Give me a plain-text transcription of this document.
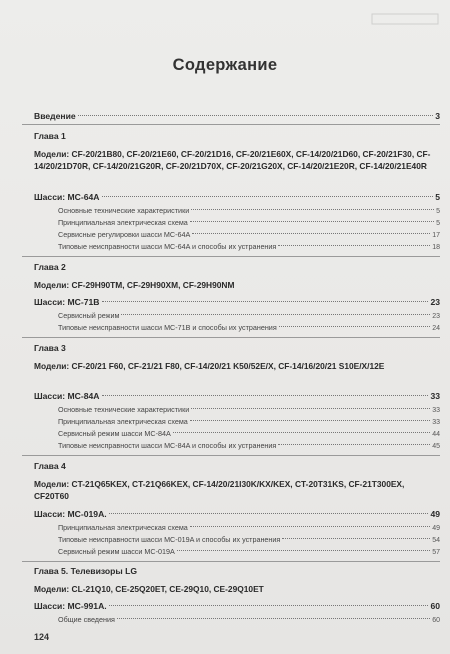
Содержание
Введение	3
Глава 1
Модели: CF-20/21B80, CF-20/21E60, CF-20/21D16, CF-20/21E60X, CF-14/20/21D60, CF-20/21F30, CF-14/20/21D70R, CF-14/20/21G20R, CF-20/21D70X, CF-20/21G20X, CF-14/20/21E20R, CF-14/20/21E40R
Шасси: MC-64A	5
Основные технические характеристики	5
Принципиальная электрическая схема	5
Сервисные регулировки шасси MC-64A	17
Типовые неисправности шасси MC-64A и способы их устранения	18
Глава 2
Модели: CF-29H90TM, CF-29H90XM, CF-29H90NM
Шасси: MC-71B	23
Сервисный режим	23
Типовые неисправности шасси MC-71B и способы их устранения	24
Глава 3
Модели: CF-20/21 F60, CF-21/21 F80, CF-14/20/21 K50/52E/X, CF-14/16/20/21 S10E/X/12E
Шасси: MC-84A	33
Основные технические характеристики	33
Принципиальная электрическая схема	33
Сервисный режим шасси MC-84A	44
Типовые неисправности шасси MC-84A и способы их устранения	45
Глава 4
Модели: CT-21Q65KEX, CT-21Q66KEX, CF-14/20/21I30K/KX/KEX, CT-20T31KS, CF-21T300EX, CF20T60
Шасси: MC-019A.	49
Принципиальная электрическая схема	49
Типовые неисправности шасси MC-019A и способы их устранения	54
Сервисный режим шасси MC-019A	57
Глава 5. Телевизоры LG
Модели: CL-21Q10, CE-25Q20ET, CE-29Q10, CE-29Q10ET
Шасси: MC-991A.	60
Общие сведения	60
124
